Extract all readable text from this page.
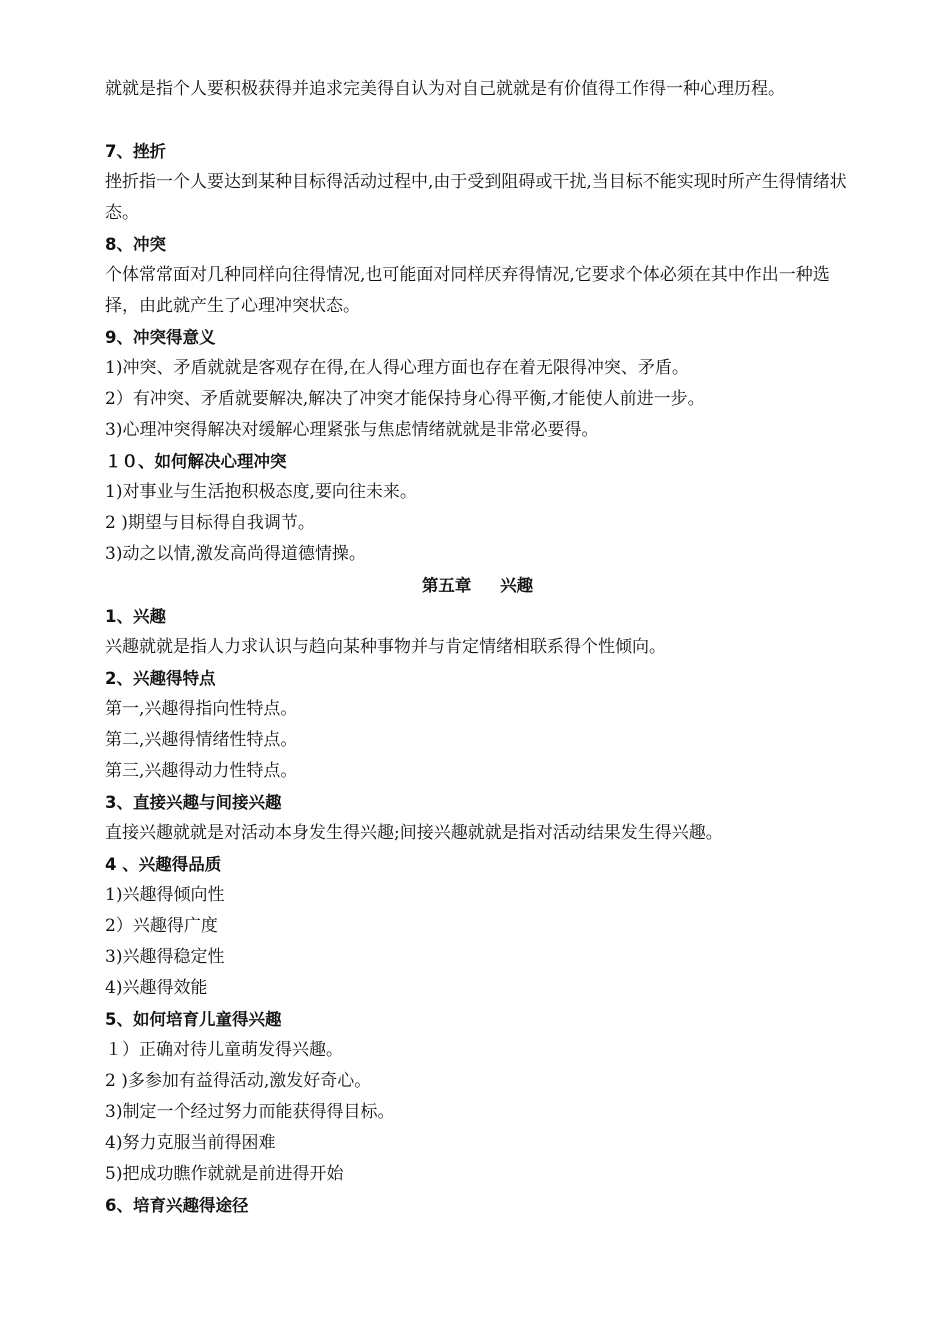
就就是指个人要积极获得并追求完美得自认为对自己就就是有价值得工作得一种心理历程。
7、挫折
挫折指一个人要达到某种目标得活动过程中,由于受到阻碍或干扰,当目标不能实现时所产生得情绪状态。
8、冲突
个体常常面对几种同样向往得情况,也可能面对同样厌弃得情况,它要求个体必须在其中作出一种选择，由此就产生了心理冲突状态。
9、冲突得意义
1)冲突、矛盾就就是客观存在得,在人得心理方面也存在着无限得冲突、矛盾。
2）有冲突、矛盾就要解决,解决了冲突才能保持身心得平衡,才能使人前进一步。
3)心理冲突得解决对缓解心理紧张与焦虑情绪就就是非常必要得。
１０、如何解决心理冲突
1)对事业与生活抱积极态度,要向往未来。
2 )期望与目标得自我调节。
3)动之以情,激发高尚得道德情操。
第五章     兴趣
1、兴趣
兴趣就就是指人力求认识与趋向某种事物并与肯定情绪相联系得个性倾向。
2、兴趣得特点
第一,兴趣得指向性特点。
第二,兴趣得情绪性特点。
第三,兴趣得动力性特点。
3、直接兴趣与间接兴趣
直接兴趣就就是对活动本身发生得兴趣;间接兴趣就就是指对活动结果发生得兴趣。
4 、兴趣得品质
1)兴趣得倾向性
2）兴趣得广度
3)兴趣得稳定性
4)兴趣得效能
5、如何培育儿童得兴趣
１）正确对待儿童萌发得兴趣。
2 )多参加有益得活动,激发好奇心。
3)制定一个经过努力而能获得得目标。
4)努力克服当前得困难
5)把成功瞧作就就是前进得开始
6、培育兴趣得途径
